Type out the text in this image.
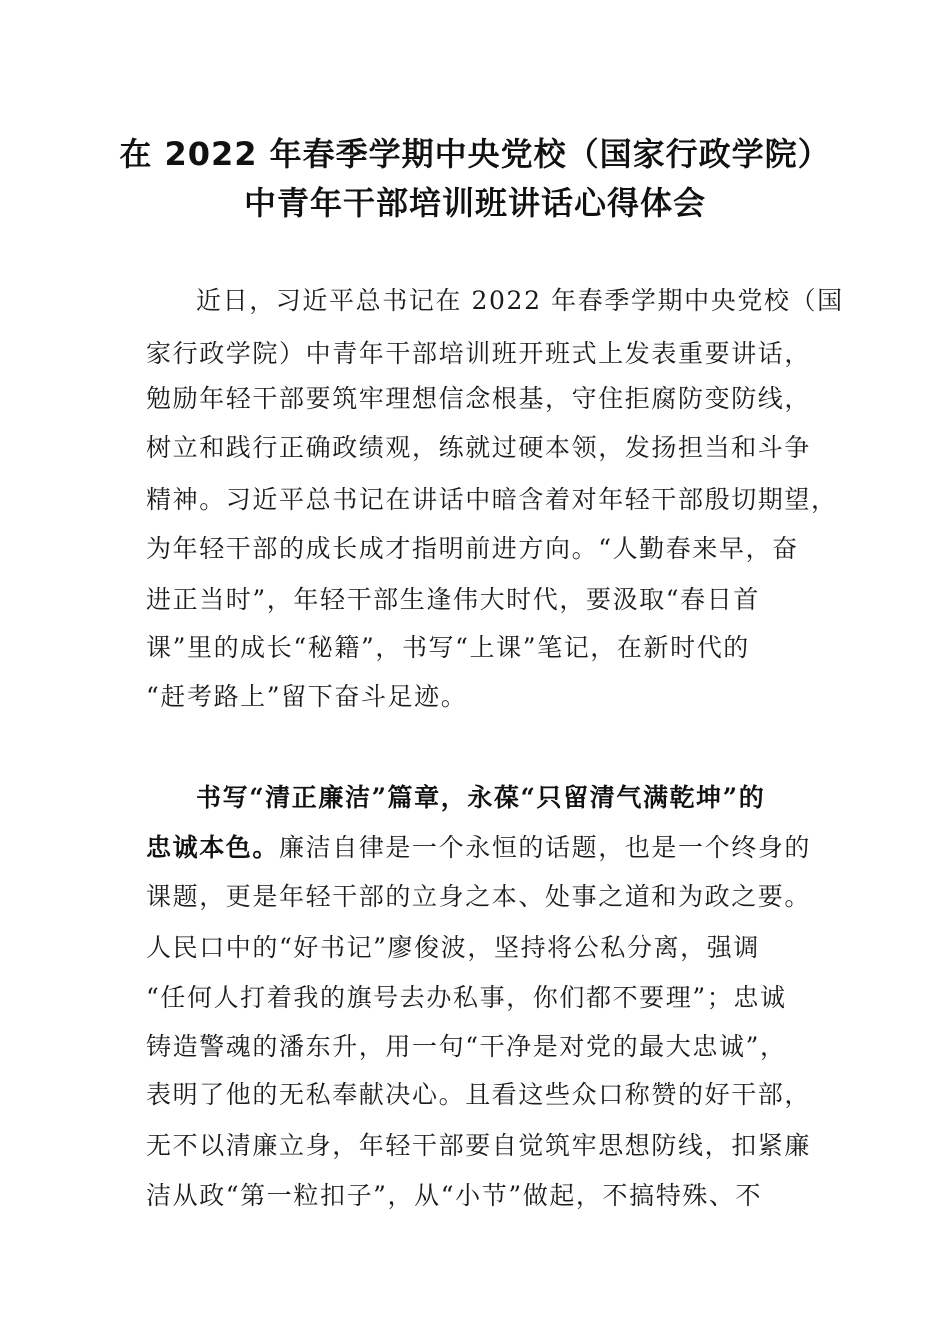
在 2022 年春季学期中央党校（国家行政学院）
中青年干部培训班讲话心得体会
近日，习近平总书记在 2022 年春季学期中央党校（国
家行政学院）中青年干部培训班开班式上发表重要讲话，
勉励年轻干部要筑牢理想信念根基，守住拒腐防变防线，
树立和践行正确政绩观，练就过硬本领，发扬担当和斗争
精神。习近平总书记在讲话中暗含着对年轻干部殷切期望，
为年轻干部的成长成才指明前进方向。“人勤春来早，奋
进正当时”，年轻干部生逢伟大时代，要汲取“春日首
课”里的成长“秘籍”，书写“上课”笔记，在新时代的
“赶考路上”留下奋斗足迹。
书写“清正廉洁”篇章，永葆“只留清气满乾坤”的
忠诚本色。廉洁自律是一个永恒的话题，也是一个终身的
课题，更是年轻干部的立身之本、处事之道和为政之要。
人民口中的“好书记”廖俊波，坚持将公私分离，强调
“任何人打着我的旗号去办私事，你们都不要理”；忠诚
铸造警魂的潘东升，用一句“干净是对党的最大忠诚”，
表明了他的无私奉献决心。且看这些众口称赞的好干部，
无不以清廉立身，年轻干部要自觉筑牢思想防线，扣紧廉
洁从政“第一粒扣子”，从“小节”做起，不搞特殊、不
